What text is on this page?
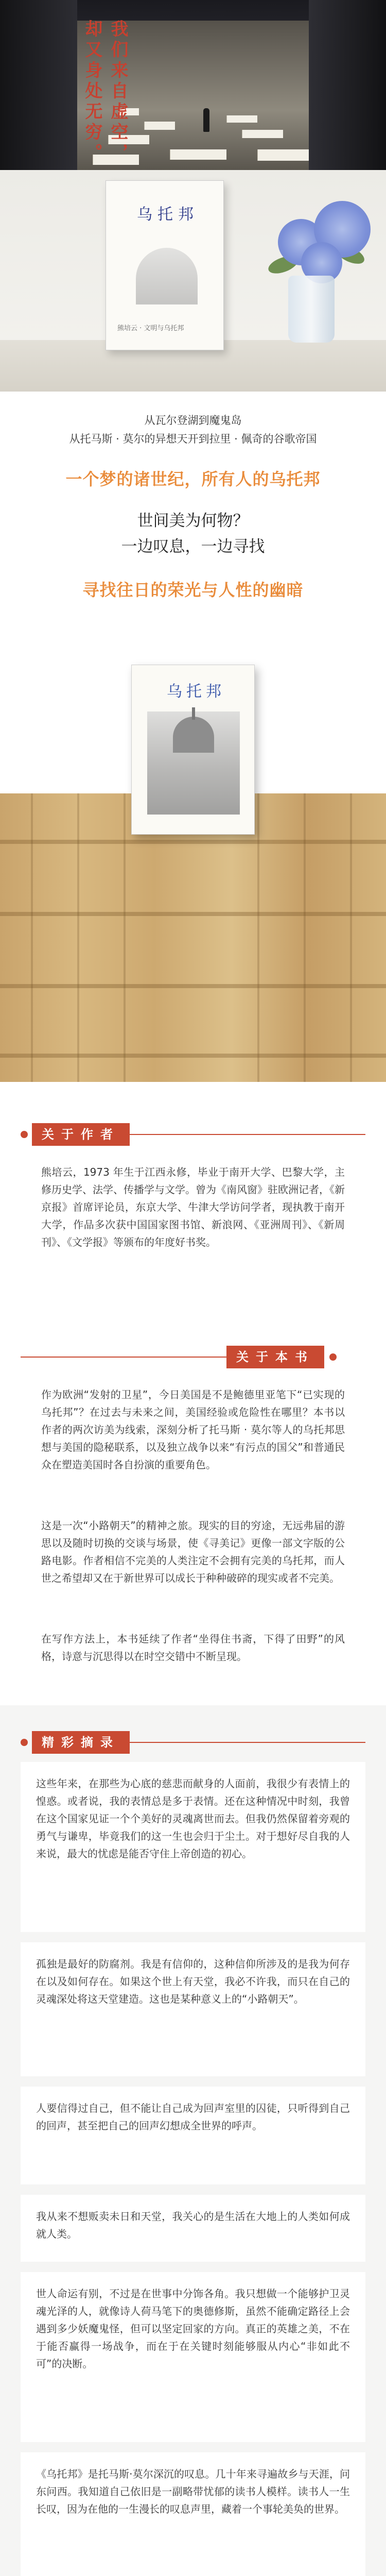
我们来自虚空，
却又身处无穷。
乌托邦
熊培云 · 文明与乌托邦
从瓦尔登湖到魔鬼岛
从托马斯 · 莫尔的异想天开到拉里 · 佩奇的谷歌帝国
一个梦的诸世纪，所有人的乌托邦
世间美为何物？
一边叹息，一边寻找
寻找往日的荣光与人性的幽暗
乌托邦
关于作者
熊培云，1973 年生于江西永修，毕业于南开大学、巴黎大学，主修历史学、法学、传播学与文学。曾为《南风窗》驻欧洲记者，《新京报》首席评论员，东京大学、牛津大学访问学者，现执教于南开大学，作品多次获中国国家图书馆、新浪网、《亚洲周刊》、《新周刊》、《文学报》等颁布的年度好书奖。
关于本书
作为欧洲“发射的卫星”，今日美国是不是鲍德里亚笔下“已实现的乌托邦”？在过去与未来之间，美国经验或危险性在哪里？本书以作者的两次访美为线索，深刻分析了托马斯 · 莫尔等人的乌托邦思想与美国的隐秘联系，以及独立战争以来“有污点的国父”和普通民众在塑造美国时各自扮演的重要角色。
这是一次“小路朝天”的精神之旅。现实的目的穷途，无远弗届的游思以及随时切换的交谈与场景，使《寻美记》更像一部文字版的公路电影。作者相信不完美的人类注定不会拥有完美的乌托邦，而人世之希望却又在于新世界可以成长于种种破碎的现实或者不完美。
在写作方法上，本书延续了作者“坐得住书斋，下得了田野”的风格，诗意与沉思得以在时空交错中不断呈现。
精彩摘录
这些年来，在那些为心底的慈悲而献身的人面前，我很少有表情上的惶惑。或者说，我的表情总是多于表情。还在这种情况中时刻，我曾在这个国家见证一个个美好的灵魂离世而去。但我仍然保留着旁观的勇气与谦卑，毕竟我们的这一生也会归于尘土。对于想好尽自我的人来说，最大的忧虑是能否守住上帝创造的初心。
孤独是最好的防腐剂。我是有信仰的，这种信仰所涉及的是我为何存在以及如何存在。如果这个世上有天堂，我必不许我，而只在自己的灵魂深处将这天堂建造。这也是某种意义上的“小路朝天”。
人要信得过自己，但不能让自己成为回声室里的囚徒，只听得到自己的回声，甚至把自己的回声幻想成全世界的呼声。
我从来不想贩卖未日和天堂，我关心的是生活在大地上的人类如何成就人类。
世人命运有别，不过是在世事中分饰各角。我只想做一个能够护卫灵魂光泽的人，就像诗人荷马笔下的奥德修斯，虽然不能确定路径上会遇到多少妖魔鬼怪，但可以坚定回家的方向。真正的英雄之美，不在于能否赢得一场战争，而在于在关键时刻能够服从内心“非如此不可”的决断。
《乌托邦》是托马斯·莫尔深沉的叹息。几十年来寻遍故乡与天涯，问东问西。我知道自己依旧是一副略带忧郁的读书人模样。读书人一生长叹，因为在他的一生漫长的叹息声里，藏着一个事轮美奂的世界。
